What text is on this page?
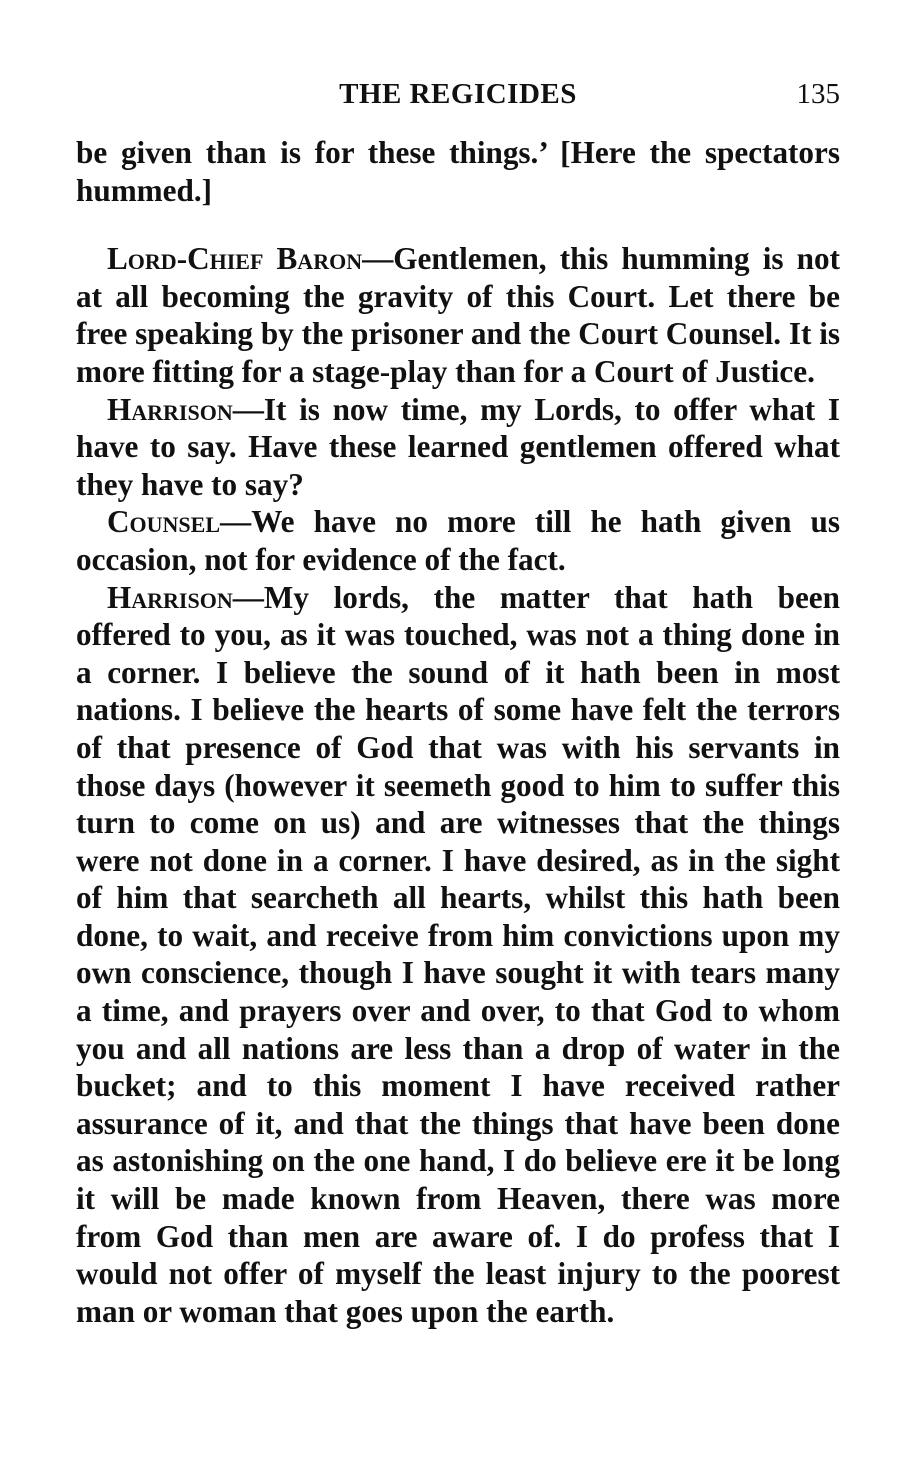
THE REGICIDES	135

be given than is for these things.’ [Here the spectators hummed.]

Lord-Chief Baron—Gentlemen, this humming is not at all becoming the gravity of this Court. Let there be free speaking by the prisoner and the Court Counsel. It is more fitting for a stage-play than for a Court of Justice.

Harrison—It is now time, my Lords, to offer what I have to say. Have these learned gentlemen offered what they have to say?

Counsel—We have no more till he hath given us occasion, not for evidence of the fact.

Harrison—My lords, the matter that hath been offered to you, as it was touched, was not a thing done in a corner. I believe the sound of it hath been in most nations. I believe the hearts of some have felt the terrors of that presence of God that was with his servants in those days (however it seemeth good to him to suffer this turn to come on us) and are witnesses that the things were not done in a corner. I have desired, as in the sight of him that searcheth all hearts, whilst this hath been done, to wait, and receive from him convictions upon my own conscience, though I have sought it with tears many a time, and prayers over and over, to that God to whom you and all nations are less than a drop of water in the bucket; and to this moment I have received rather assurance of it, and that the things that have been done as astonishing on the one hand, I do believe ere it be long it will be made known from Heaven, there was more from God than men are aware of. I do profess that I would not offer of myself the least injury to the poorest man or woman that goes upon the earth.
